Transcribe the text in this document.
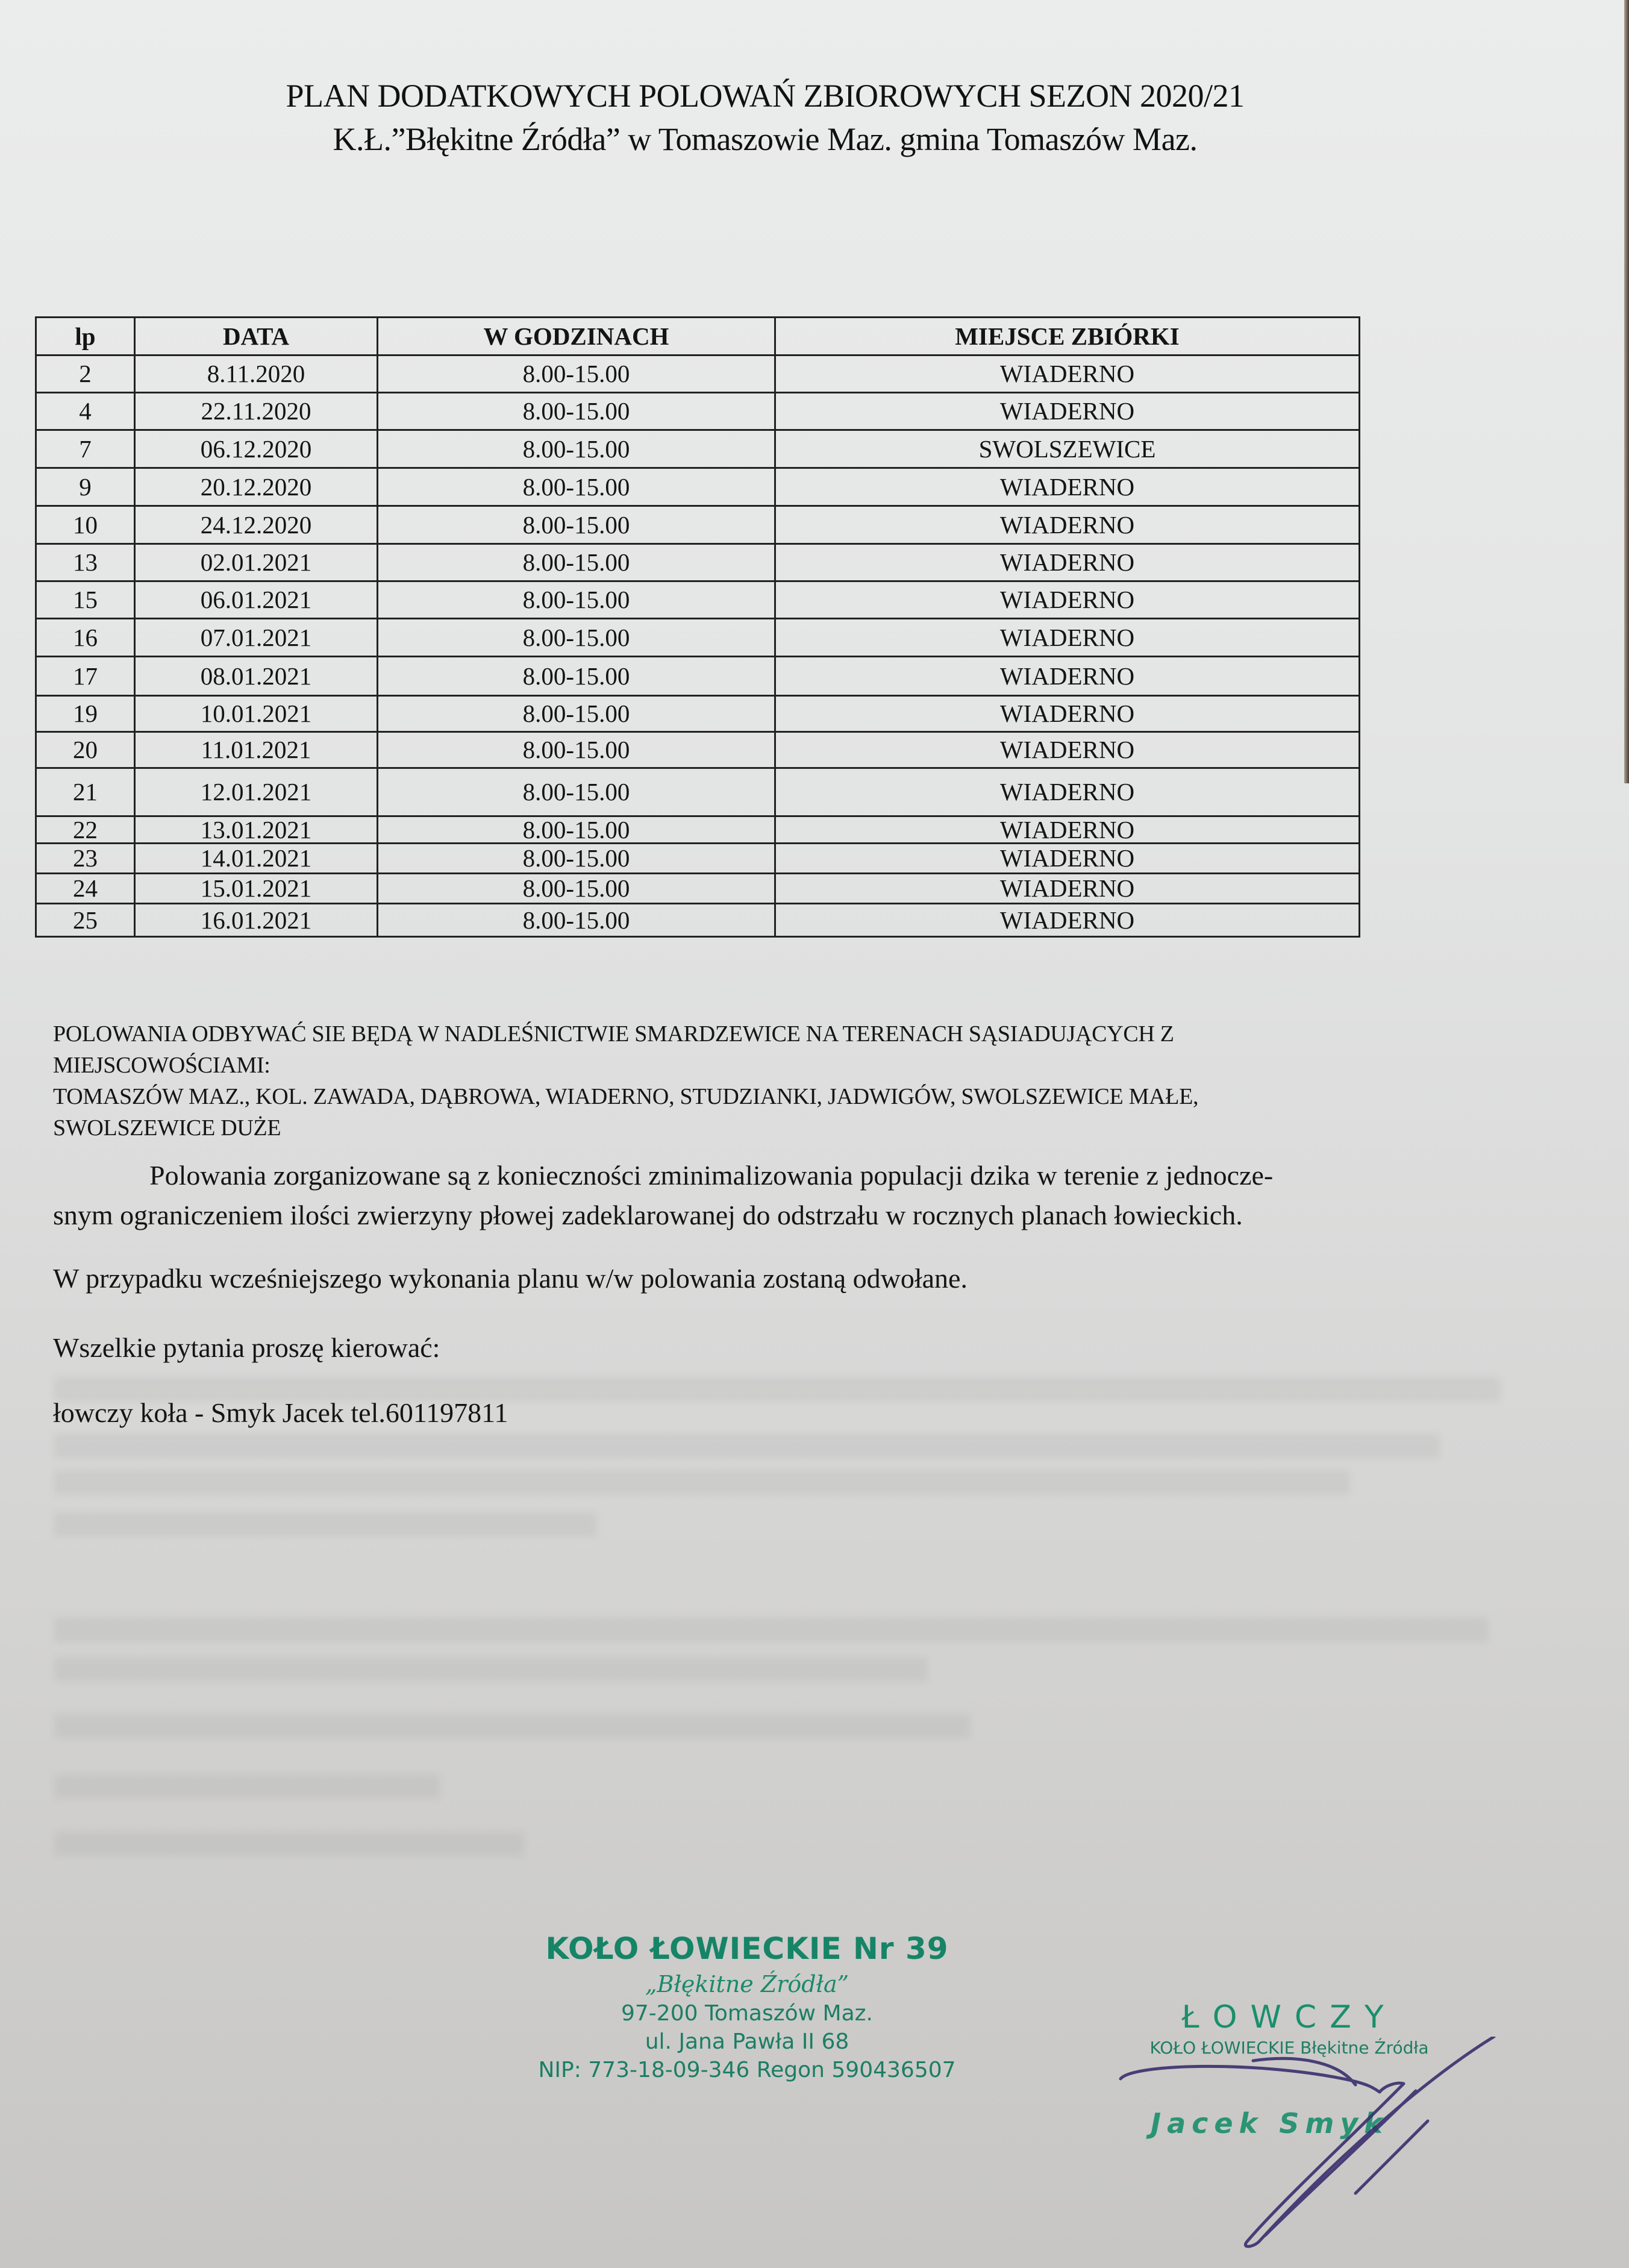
PLAN DODATKOWYCH POLOWAŃ ZBIOROWYCH SEZON 2020/21
K.Ł.”Błękitne Źródła” w Tomaszowie Maz. gmina Tomaszów Maz.
lp	DATA	W GODZINACH	MIEJSCE ZBIÓRKI
2	8.11.2020	8.00-15.00	WIADERNO
4	22.11.2020	8.00-15.00	WIADERNO
7	06.12.2020	8.00-15.00	SWOLSZEWICE
9	20.12.2020	8.00-15.00	WIADERNO
10	24.12.2020	8.00-15.00	WIADERNO
13	02.01.2021	8.00-15.00	WIADERNO
15	06.01.2021	8.00-15.00	WIADERNO
16	07.01.2021	8.00-15.00	WIADERNO
17	08.01.2021	8.00-15.00	WIADERNO
19	10.01.2021	8.00-15.00	WIADERNO
20	11.01.2021	8.00-15.00	WIADERNO
21	12.01.2021	8.00-15.00	WIADERNO
22	13.01.2021	8.00-15.00	WIADERNO
23	14.01.2021	8.00-15.00	WIADERNO
24	15.01.2021	8.00-15.00	WIADERNO
25	16.01.2021	8.00-15.00	WIADERNO
POLOWANIA ODBYWAĆ SIE BĘDĄ W NADLEŚNICTWIE SMARDZEWICE NA TERENACH SĄSIADUJĄCYCH Z
MIEJSCOWOŚCIAMI:
TOMASZÓW MAZ., KOL. ZAWADA, DĄBROWA, WIADERNO, STUDZIANKI, JADWIGÓW, SWOLSZEWICE MAŁE,
SWOLSZEWICE DUŻE
Polowania zorganizowane są z konieczności zminimalizowania populacji dzika w terenie z jednocze-
snym ograniczeniem ilości zwierzyny płowej zadeklarowanej do odstrzału w rocznych planach łowieckich.
W przypadku wcześniejszego wykonania planu w/w polowania zostaną odwołane.
Wszelkie pytania proszę kierować:
łowczy koła - Smyk Jacek tel.601197811
KOŁO ŁOWIECKIE Nr 39
„Błękitne Źródła”
97-200 Tomaszów Maz.
ul. Jana Pawła II 68
NIP: 773-18-09-346 Regon 590436507
ŁOWCZY
KOŁO ŁOWIECKIE Błękitne Źródła
Jacek Smyk
